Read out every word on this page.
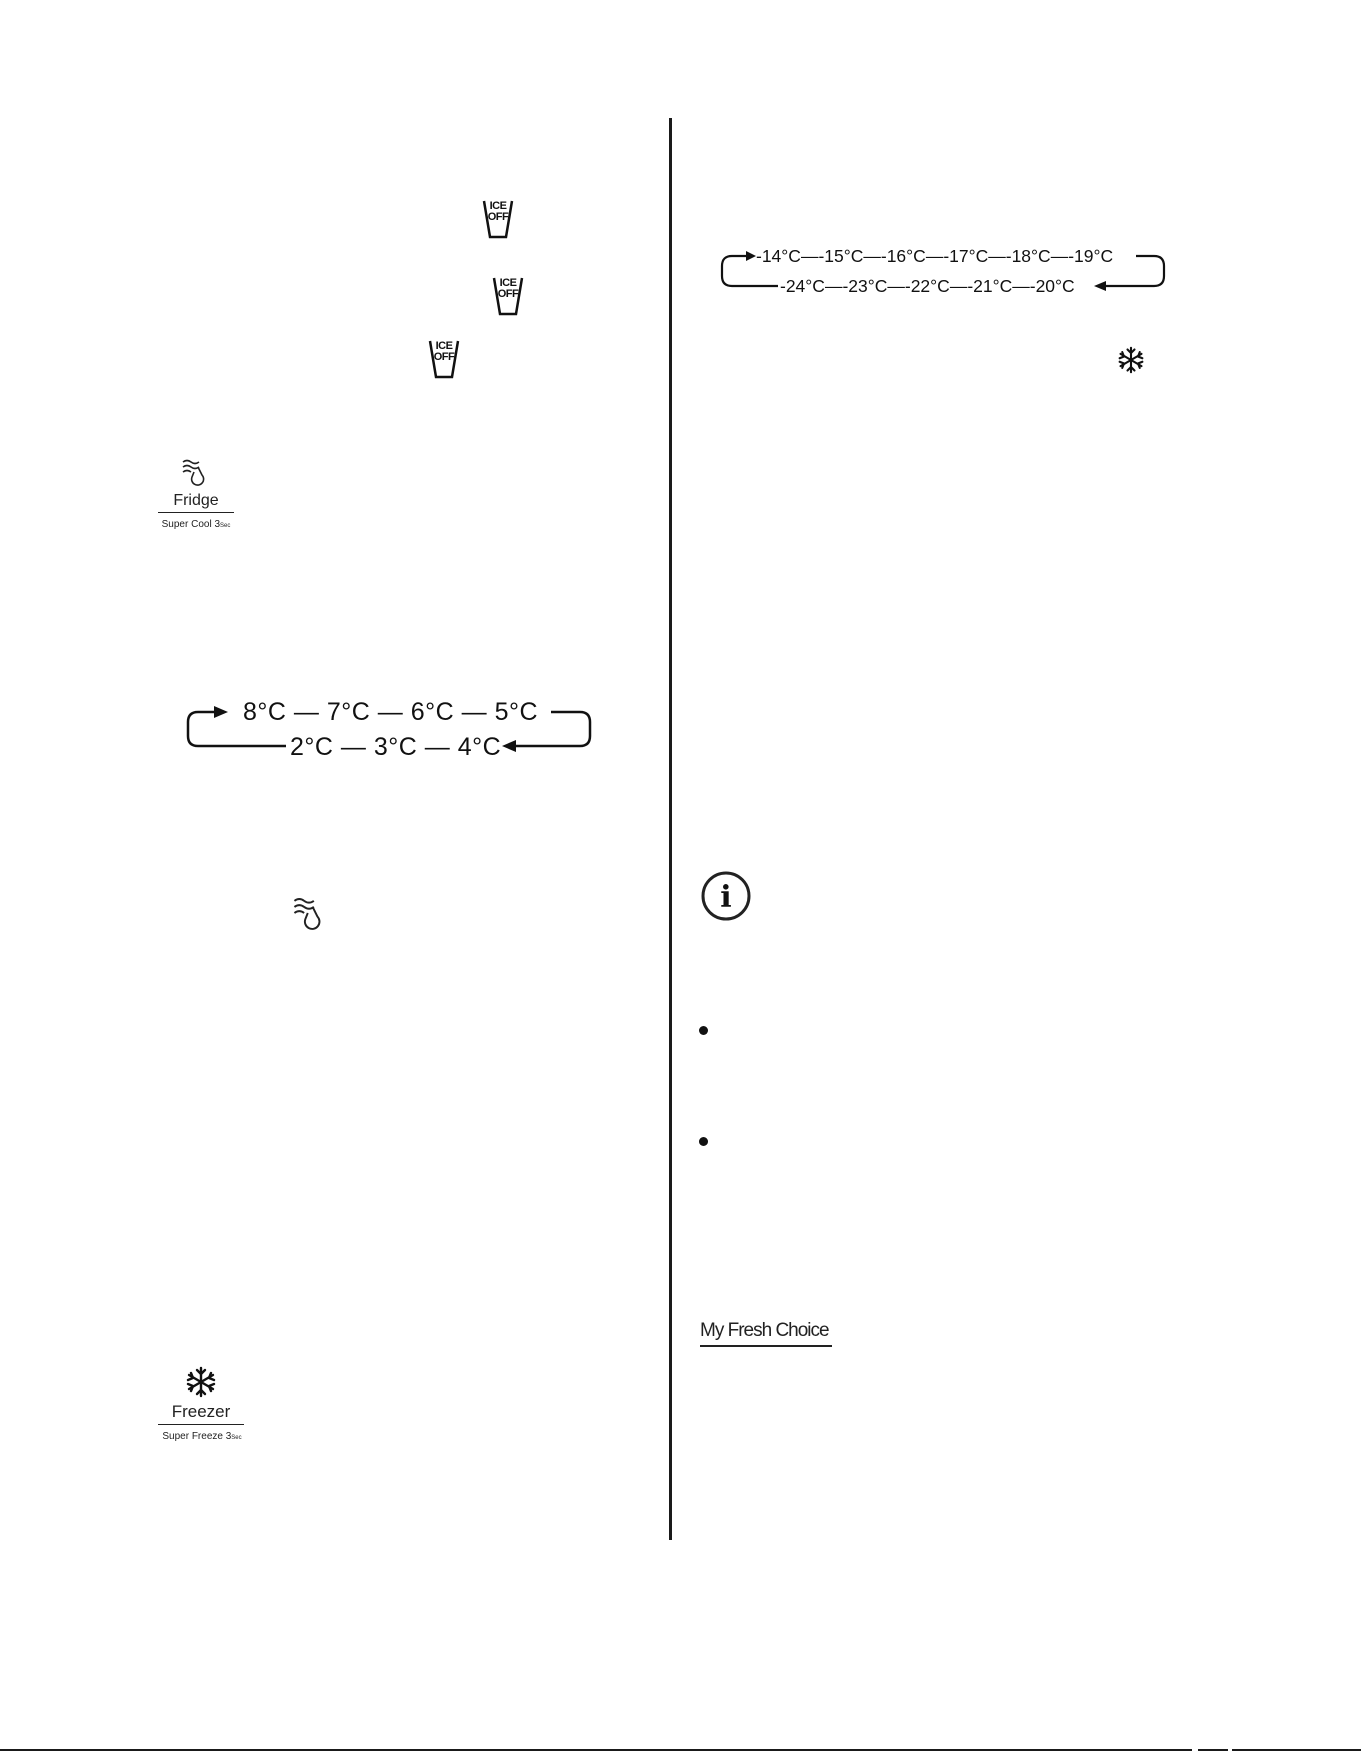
ICE
OFF
ICE
OFF
ICE
OFF
Fridge
Super Cool 3Sec
8°C — 7°C — 6°C — 5°C
2°C — 3°C — 4°C
Freezer
Super Freeze 3Sec
-14°C—-15°C—-16°C—-17°C—-18°C—-19°C
-24°C—-23°C—-22°C—-21°C—-20°C
i
My Fresh Choice
